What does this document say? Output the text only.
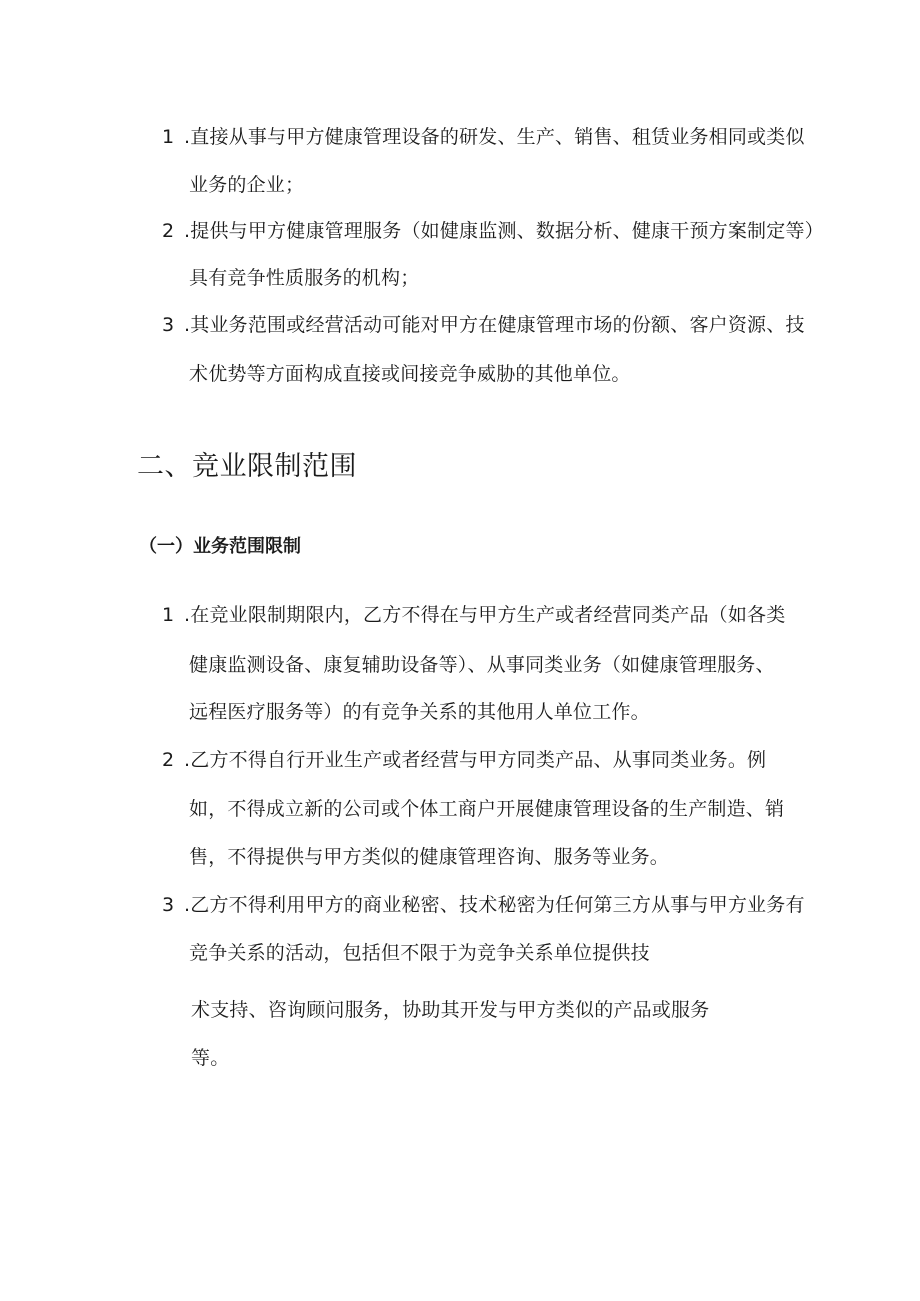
1 .直接从事与甲方健康管理设备的研发、生产、销售、租赁业务相同或类似
业务的企业；
2 .提供与甲方健康管理服务（如健康监测、数据分析、健康干预方案制定等）
具有竞争性质服务的机构；
3 .其业务范围或经营活动可能对甲方在健康管理市场的份额、客户资源、技
术优势等方面构成直接或间接竞争威胁的其他单位。
二、竞业限制范围
（一）业务范围限制
1 .在竞业限制期限内，乙方不得在与甲方生产或者经营同类产品（如各类
健康监测设备、康复辅助设备等）、从事同类业务（如健康管理服务、
远程医疗服务等）的有竞争关系的其他用人单位工作。
2 .乙方不得自行开业生产或者经营与甲方同类产品、从事同类业务。例
如，不得成立新的公司或个体工商户开展健康管理设备的生产制造、销
售，不得提供与甲方类似的健康管理咨询、服务等业务。
3 .乙方不得利用甲方的商业秘密、技术秘密为任何第三方从事与甲方业务有
竞争关系的活动，包括但不限于为竞争关系单位提供技
术支持、咨询顾问服务，协助其开发与甲方类似的产品或服务
等。
